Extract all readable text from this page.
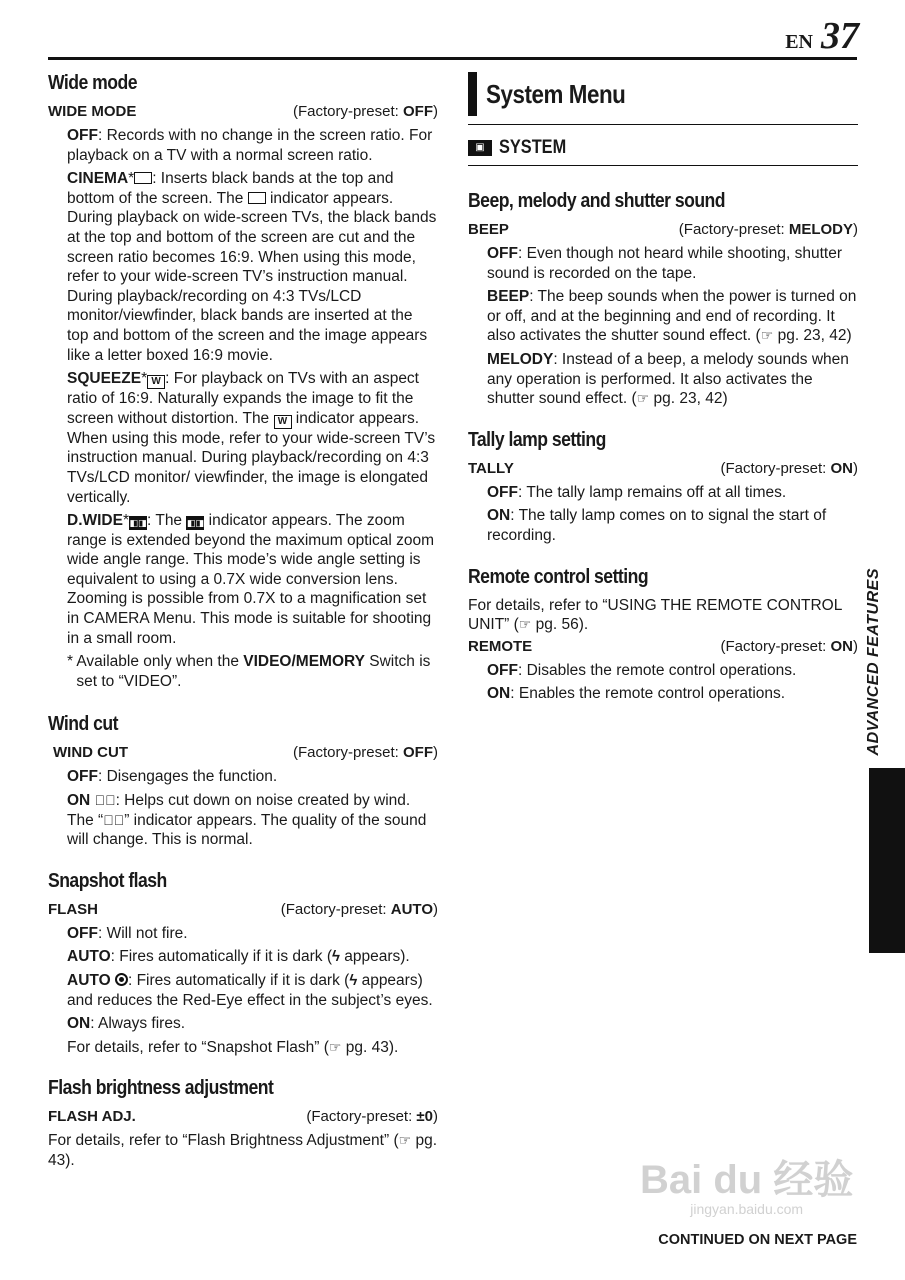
EN 37
Wide mode
WIDE MODE	(Factory-preset: OFF)
OFF: Records with no change in the screen ratio. For playback on a TV with a normal screen ratio.
CINEMA* : Inserts black bands at the top and bottom of the screen. The  indicator appears. During playback on wide-screen TVs, the black bands at the top and bottom of the screen are cut and the screen ratio becomes 16:9. When using this mode, refer to your wide-screen TV’s instruction manual. During playback/recording on 4:3 TVs/LCD monitor/viewfinder, black bands are inserted at the top and bottom of the screen and the image appears like a letter boxed 16:9 movie.
SQUEEZE* W : For playback on TVs with an aspect ratio of 16:9. Naturally expands the image to fit the screen without distortion. The W indicator appears. When using this mode, refer to your wide-screen TV’s instruction manual. During playback/recording on 4:3 TVs/LCD monitor/ viewfinder, the image is elongated vertically.
D.WIDE*◧◨: The ◧◨ indicator appears. The zoom range is extended beyond the maximum optical zoom wide angle range. This mode’s wide angle setting is equivalent to using a 0.7X wide conversion lens. Zooming is possible from 0.7X to a magnification set in CAMERA Menu. This mode is suitable for shooting in a small room.
* Available only when the VIDEO/MEMORY Switch is set to “VIDEO”.
Wind cut
WIND CUT	(Factory-preset: OFF)
OFF: Disengages the function.
ON ❦⃥: Helps cut down on noise created by wind. The “❦⃥” indicator appears. The quality of the sound will change. This is normal.
Snapshot flash
FLASH	(Factory-preset: AUTO)
OFF: Will not fire.
AUTO: Fires automatically if it is dark (ϟ appears).
AUTO : Fires automatically if it is dark (ϟ appears) and reduces the Red-Eye effect in the subject’s eyes.
ON: Always fires.
For details, refer to “Snapshot Flash” (☞ pg. 43).
Flash brightness adjustment
FLASH ADJ.	(Factory-preset: ±0)
For details, refer to “Flash Brightness Adjustment” (☞ pg. 43).
System Menu
▣ SYSTEM
Beep, melody and shutter sound
BEEP	(Factory-preset: MELODY)
OFF: Even though not heard while shooting, shutter sound is recorded on the tape.
BEEP: The beep sounds when the power is turned on or off, and at the beginning and end of recording. It also activates the shutter sound effect. (☞ pg. 23, 42)
MELODY: Instead of a beep, a melody sounds when any operation is performed. It also activates the shutter sound effect. (☞ pg. 23, 42)
Tally lamp setting
TALLY	(Factory-preset: ON)
OFF: The tally lamp remains off at all times.
ON: The tally lamp comes on to signal the start of recording.
Remote control setting
For details, refer to “USING THE REMOTE CONTROL UNIT” (☞ pg. 56).
REMOTE	(Factory-preset: ON)
OFF: Disables the remote control operations.
ON: Enables the remote control operations.	ADVANCED FEATURES
Bai du 经验
jingyan.baidu.com
CONTINUED ON NEXT PAGE
